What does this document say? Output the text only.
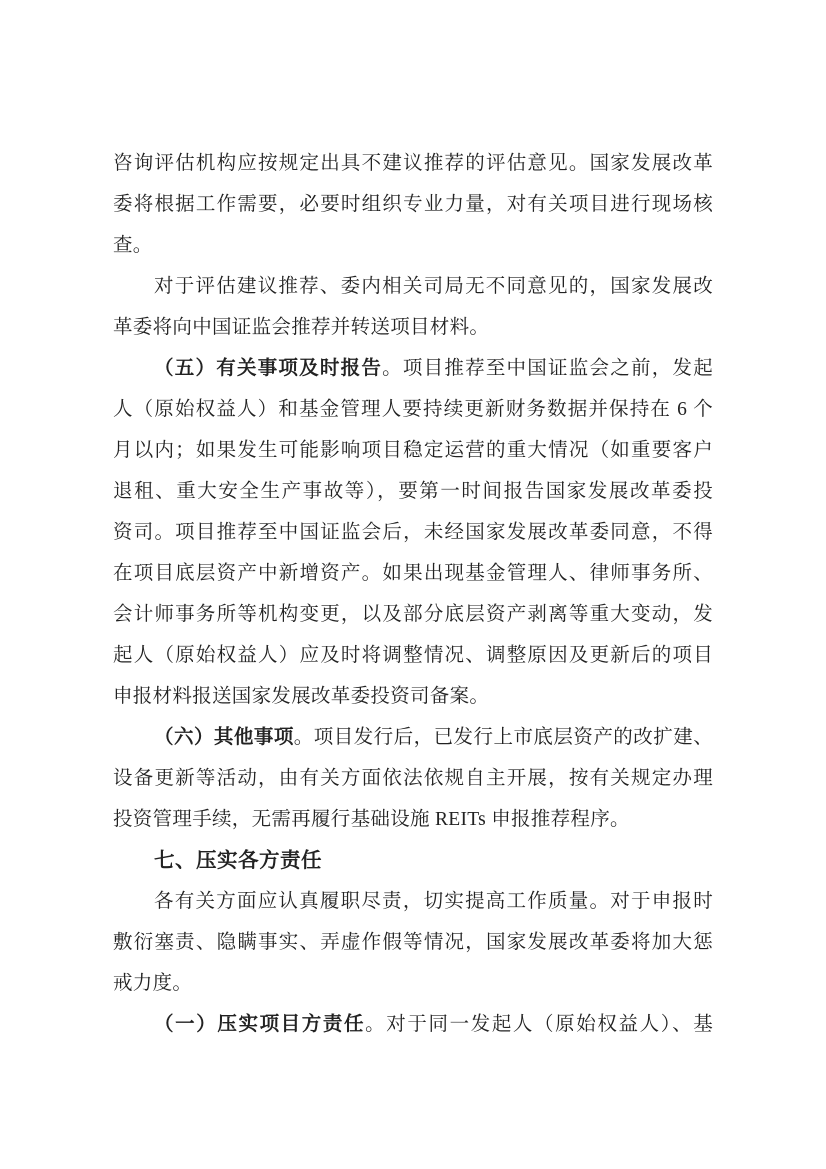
咨询评估机构应按规定出具不建议推荐的评估意见。国家发展改革
委将根据工作需要，必要时组织专业力量，对有关项目进行现场核
查。
对于评估建议推荐、委内相关司局无不同意见的，国家发展改
革委将向中国证监会推荐并转送项目材料。
（五）有关事项及时报告。项目推荐至中国证监会之前，发起
人（原始权益人）和基金管理人要持续更新财务数据并保持在 6 个
月以内；如果发生可能影响项目稳定运营的重大情况（如重要客户
退租、重大安全生产事故等），要第一时间报告国家发展改革委投
资司。项目推荐至中国证监会后，未经国家发展改革委同意，不得
在项目底层资产中新增资产。如果出现基金管理人、律师事务所、
会计师事务所等机构变更，以及部分底层资产剥离等重大变动，发
起人（原始权益人）应及时将调整情况、调整原因及更新后的项目
申报材料报送国家发展改革委投资司备案。
（六）其他事项。项目发行后，已发行上市底层资产的改扩建、
设备更新等活动，由有关方面依法依规自主开展，按有关规定办理
投资管理手续，无需再履行基础设施 REITs 申报推荐程序。
七、压实各方责任
各有关方面应认真履职尽责，切实提高工作质量。对于申报时
敷衍塞责、隐瞒事实、弄虚作假等情况，国家发展改革委将加大惩
戒力度。
（一）压实项目方责任。对于同一发起人（原始权益人）、基
